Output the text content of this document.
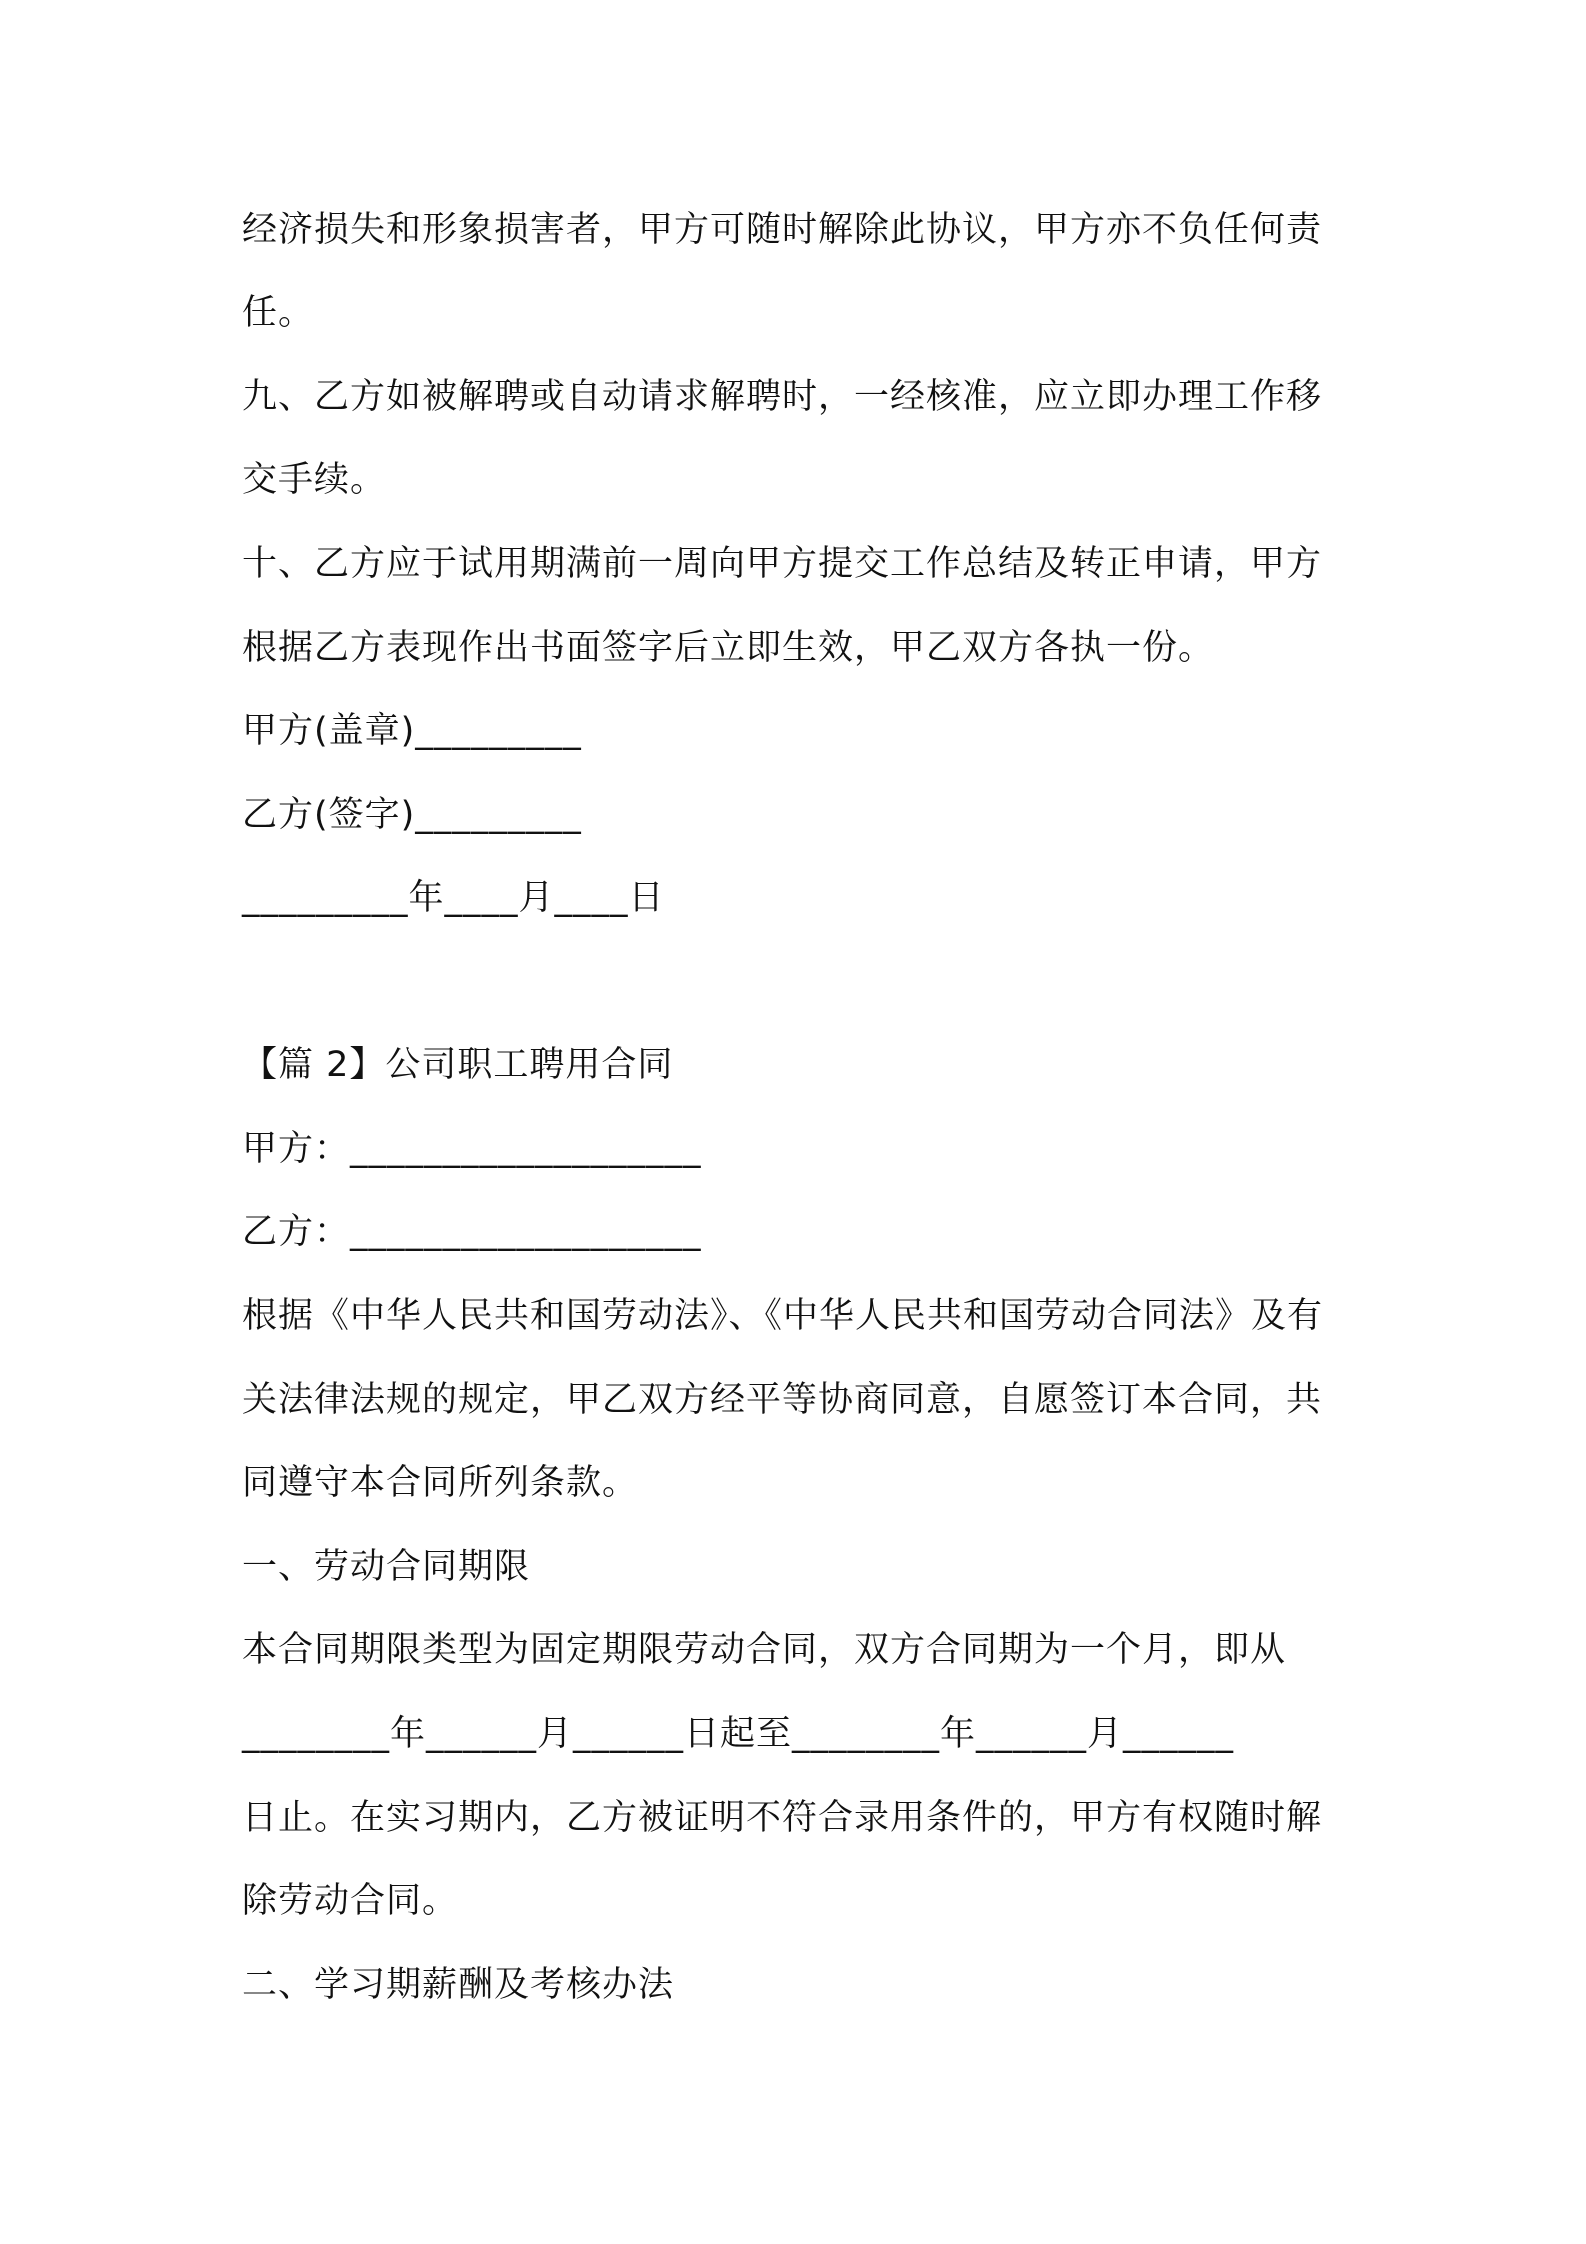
经济损失和形象损害者，甲方可随时解除此协议，甲方亦不负任何责
任。
九、乙方如被解聘或自动请求解聘时，一经核准，应立即办理工作移
交手续。
十、乙方应于试用期满前一周向甲方提交工作总结及转正申请，甲方
根据乙方表现作出书面签字后立即生效，甲乙双方各执一份。
甲方(盖章)_________
乙方(签字)_________
_________年____月____日
【篇 2】公司职工聘用合同
甲方：___________________
乙方：___________________
根据《中华人民共和国劳动法》、《中华人民共和国劳动合同法》及有
关法律法规的规定，甲乙双方经平等协商同意，自愿签订本合同，共
同遵守本合同所列条款。
一、劳动合同期限
本合同期限类型为固定期限劳动合同，双方合同期为一个月，即从
________年______月______日起至________年______月______
日止。在实习期内，乙方被证明不符合录用条件的，甲方有权随时解
除劳动合同。
二、学习期薪酬及考核办法
